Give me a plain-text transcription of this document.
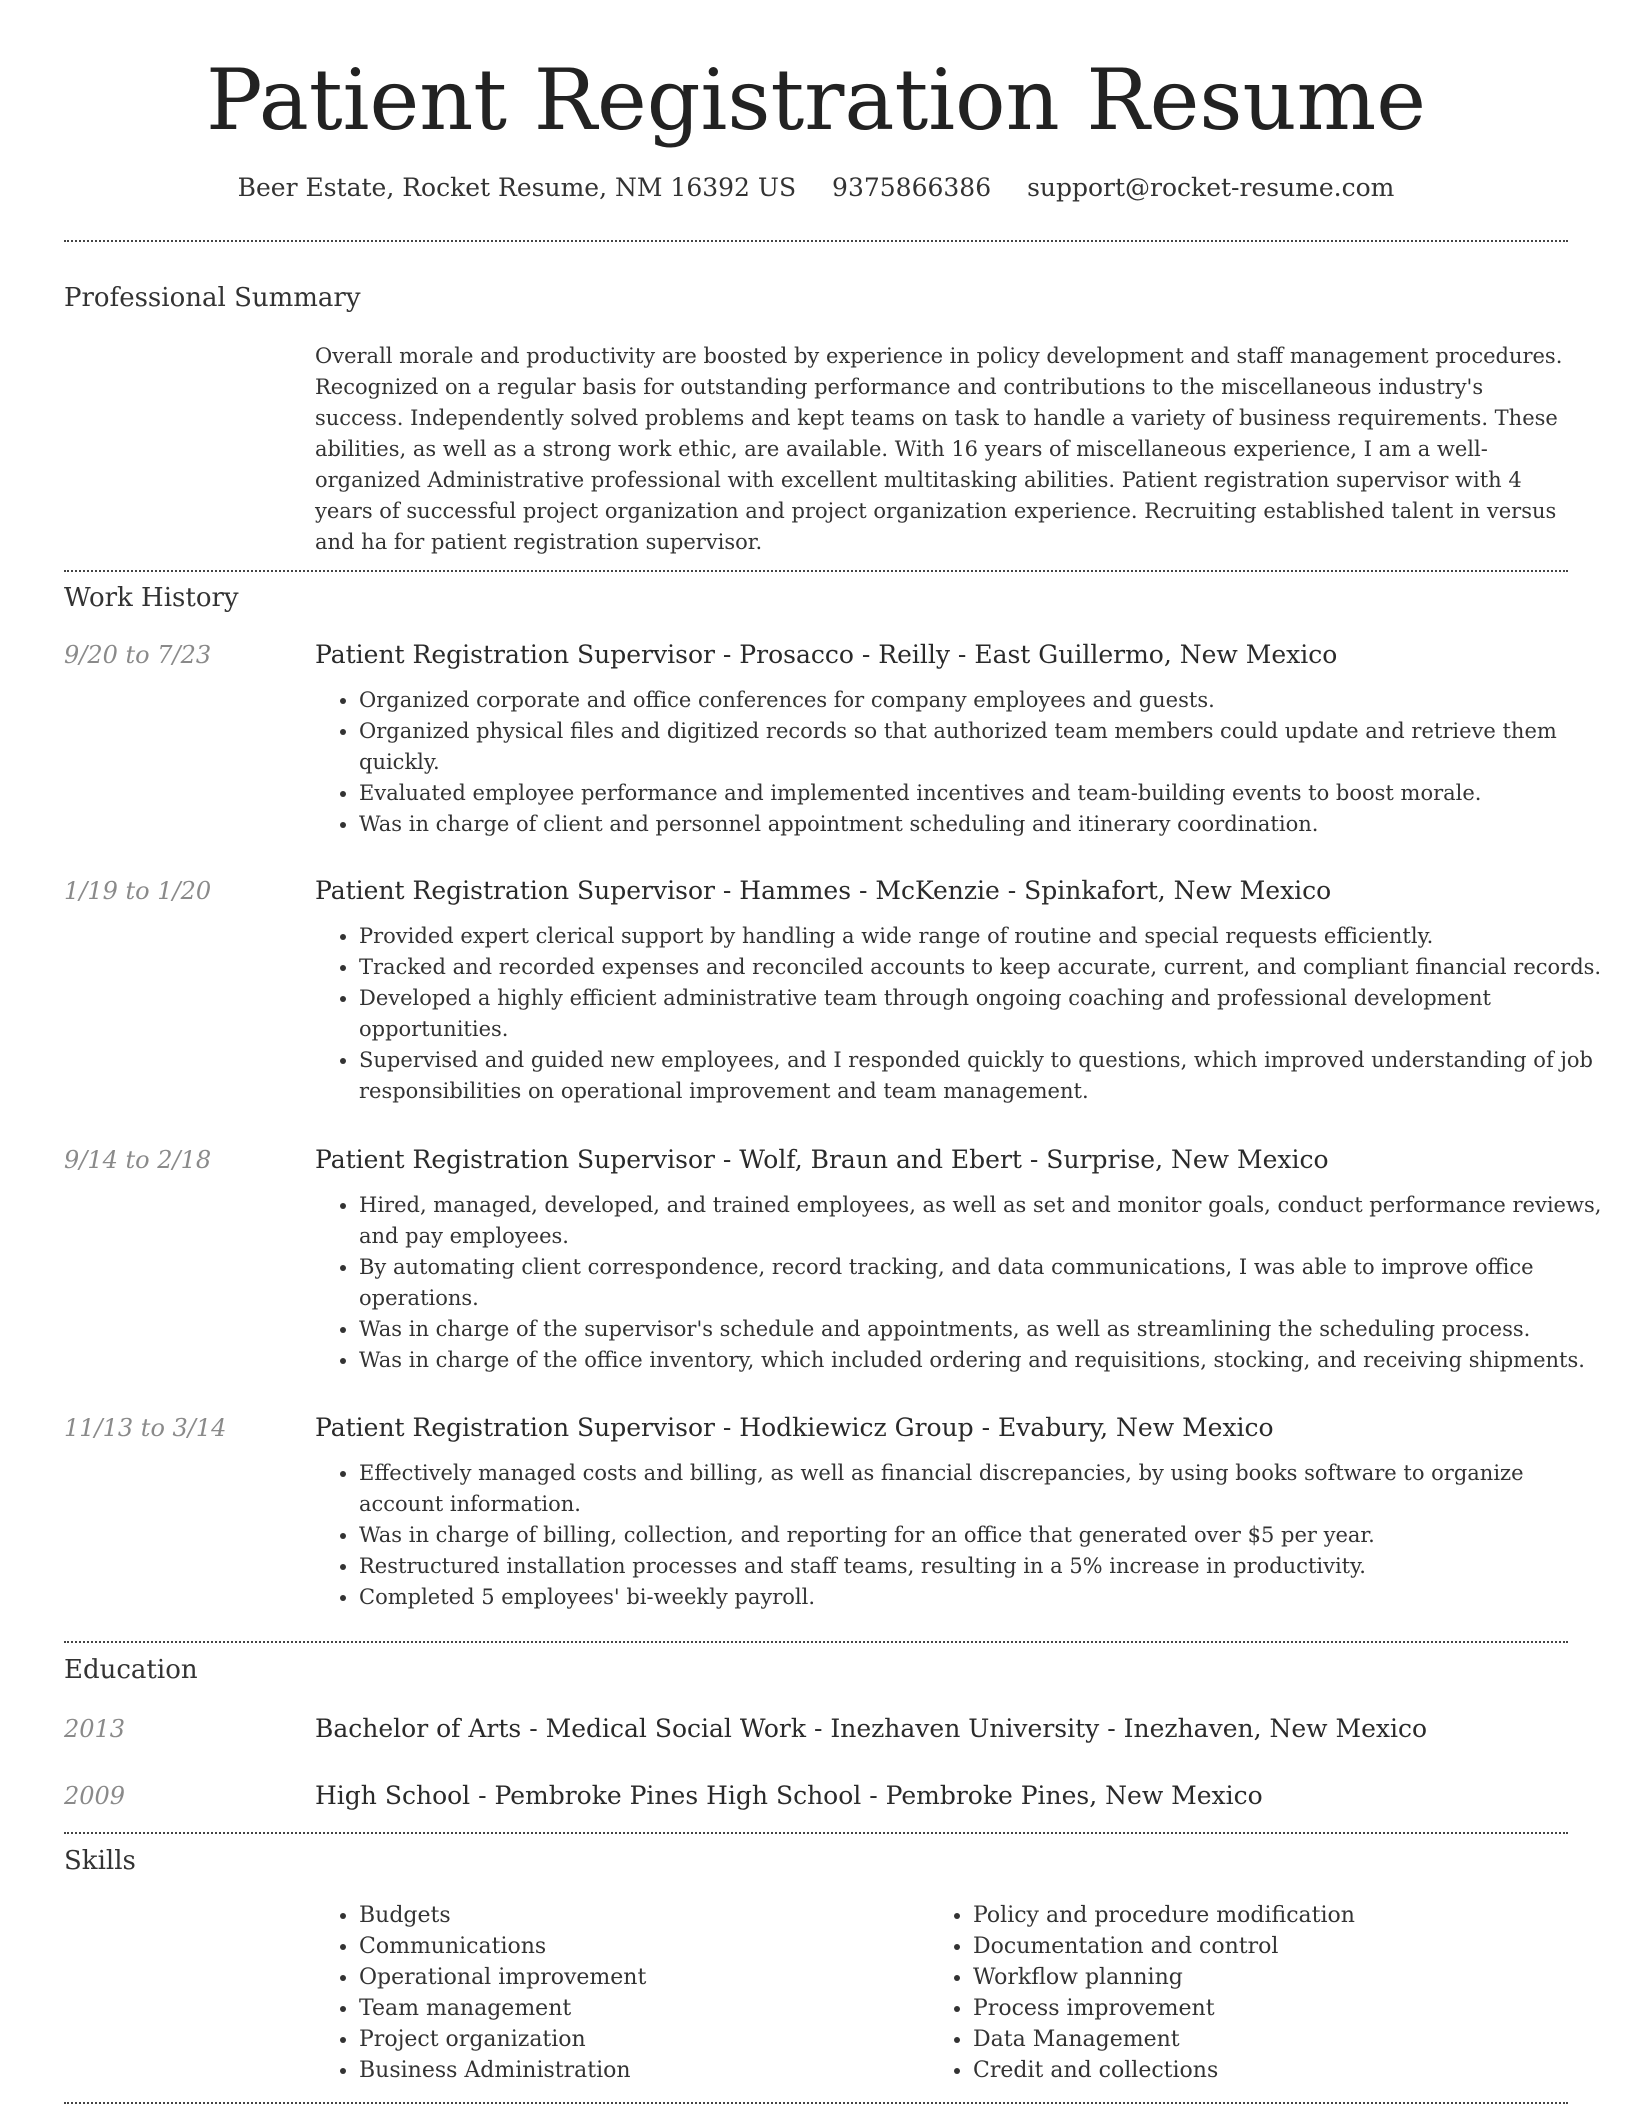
Patient Registration Resume
Beer Estate, Rocket Resume, NM 16392 US 9375866386 support@rocket-resume.com
Professional Summary

Overall morale and productivity are boosted by experience in policy development and staff management procedures. Recognized on a regular basis for outstanding performance and contributions to the miscellaneous industry's success. Independently solved problems and kept teams on task to handle a variety of business requirements. These abilities, as well as a strong work ethic, are available. With 16 years of miscellaneous experience, I am a well-organized Administrative professional with excellent multitasking abilities. Patient registration supervisor with 4 years of successful project organization and project organization experience. Recruiting established talent in versus and ha for patient registration supervisor.

Work History
9/20 to 7/23	Patient Registration Supervisor - Prosacco - Reilly - East Guillermo, New Mexico
• Organized corporate and office conferences for company employees and guests.
• Organized physical files and digitized records so that authorized team members could update and retrieve them quickly.
• Evaluated employee performance and implemented incentives and team-building events to boost morale.
• Was in charge of client and personnel appointment scheduling and itinerary coordination.
1/19 to 1/20	Patient Registration Supervisor - Hammes - McKenzie - Spinkafort, New Mexico
• Provided expert clerical support by handling a wide range of routine and special requests efficiently.
• Tracked and recorded expenses and reconciled accounts to keep accurate, current, and compliant financial records.
• Developed a highly efficient administrative team through ongoing coaching and professional development opportunities.
• Supervised and guided new employees, and I responded quickly to questions, which improved understanding of job responsibilities on operational improvement and team management.
9/14 to 2/18	Patient Registration Supervisor - Wolf, Braun and Ebert - Surprise, New Mexico
• Hired, managed, developed, and trained employees, as well as set and monitor goals, conduct performance reviews, and pay employees.
• By automating client correspondence, record tracking, and data communications, I was able to improve office operations.
• Was in charge of the supervisor's schedule and appointments, as well as streamlining the scheduling process.
• Was in charge of the office inventory, which included ordering and requisitions, stocking, and receiving shipments.
11/13 to 3/14	Patient Registration Supervisor - Hodkiewicz Group - Evabury, New Mexico
• Effectively managed costs and billing, as well as financial discrepancies, by using books software to organize account information.
• Was in charge of billing, collection, and reporting for an office that generated over $5 per year.
• Restructured installation processes and staff teams, resulting in a 5% increase in productivity.
• Completed 5 employees' bi-weekly payroll.
Education
2013	Bachelor of Arts - Medical Social Work - Inezhaven University - Inezhaven, New Mexico
2009	High School - Pembroke Pines High School - Pembroke Pines, New Mexico
Skills
• Budgets
• Communications
• Operational improvement
• Team management
• Project organization
• Business Administration
• Policy and procedure modification
• Documentation and control
• Workflow planning
• Process improvement
• Data Management
• Credit and collections
